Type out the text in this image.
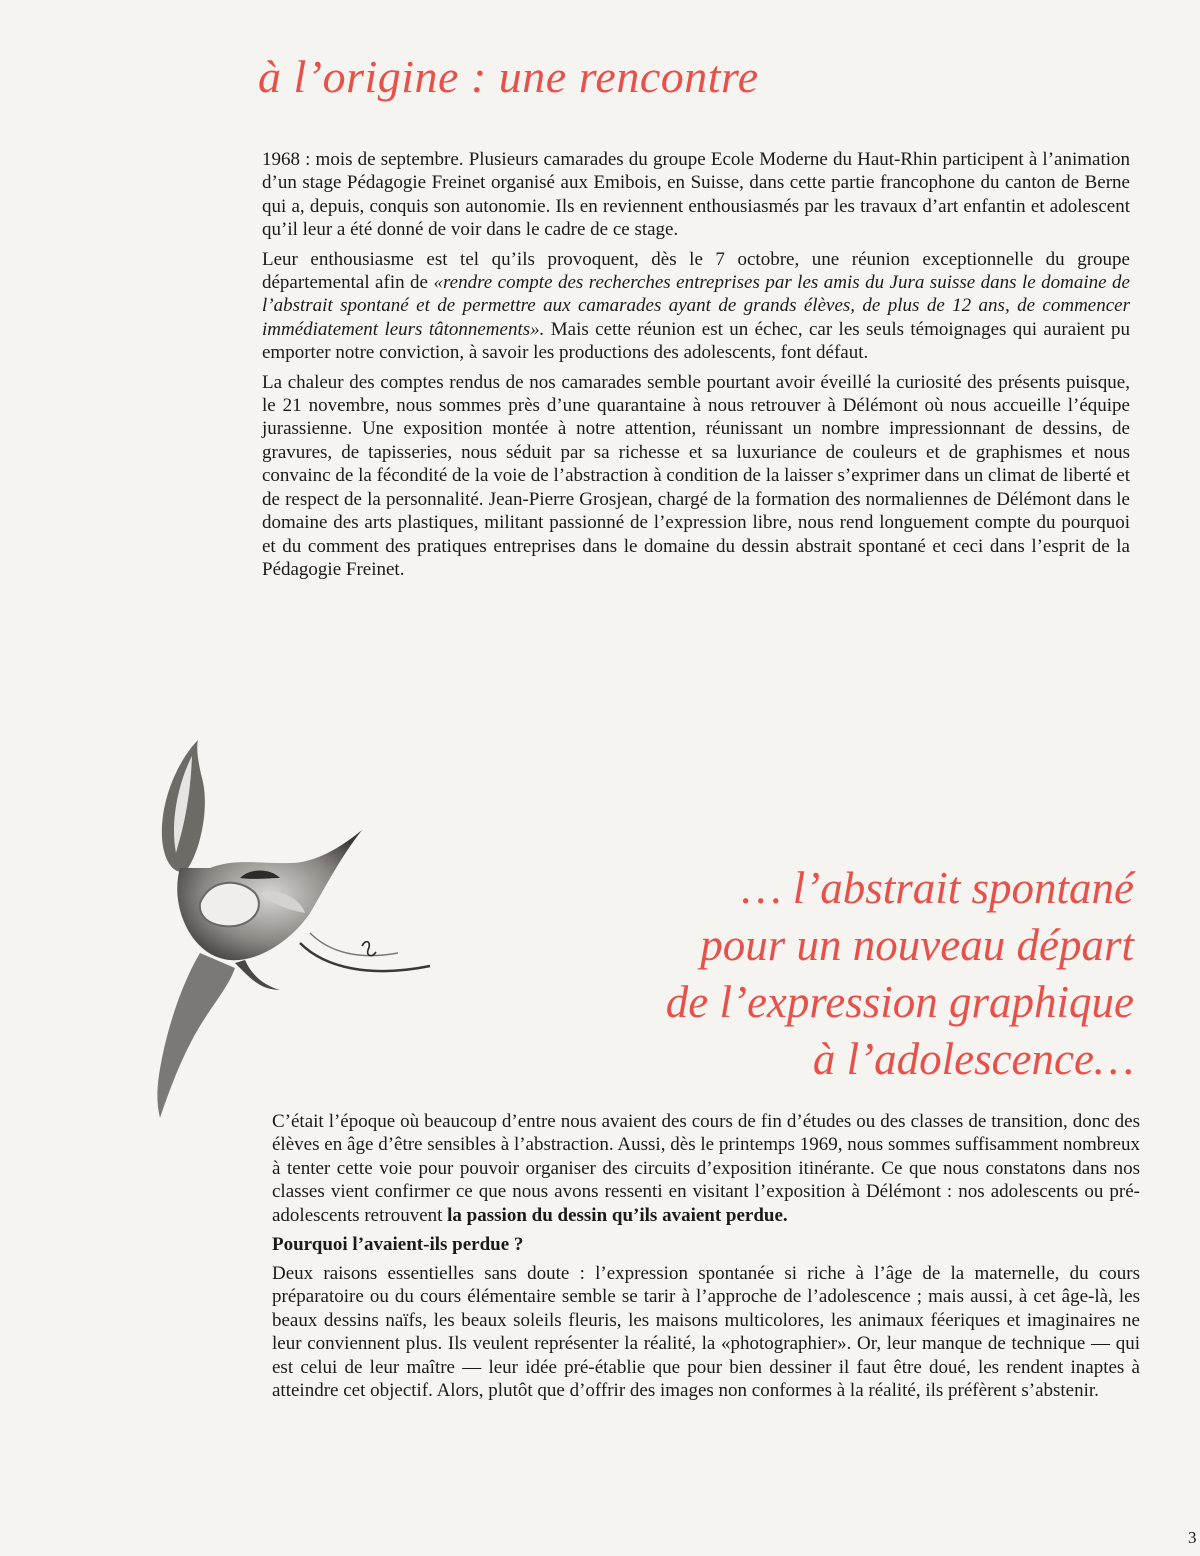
à l’origine : une rencontre

1968 : mois de septembre. Plusieurs camarades du groupe Ecole Moderne du Haut-Rhin participent à l’animation d’un stage Pédagogie Freinet organisé aux Emibois, en Suisse, dans cette partie francophone du canton de Berne qui a, depuis, conquis son autonomie. Ils en reviennent enthousiasmés par les travaux d’art enfantin et adolescent qu’il leur a été donné de voir dans le cadre de ce stage.

Leur enthousiasme est tel qu’ils provoquent, dès le 7 octobre, une réunion exceptionnelle du groupe départemental afin de «rendre compte des recherches entreprises par les amis du Jura suisse dans le domaine de l’abstrait spontané et de permettre aux camarades ayant de grands élèves, de plus de 12 ans, de commencer immédiatement leurs tâtonnements». Mais cette réunion est un échec, car les seuls témoignages qui auraient pu emporter notre conviction, à savoir les productions des adolescents, font défaut.

La chaleur des comptes rendus de nos camarades semble pourtant avoir éveillé la curiosité des présents puisque, le 21 novembre, nous sommes près d’une quarantaine à nous retrouver à Délémont où nous accueille l’équipe jurassienne. Une exposition montée à notre attention, réunissant un nombre impressionnant de dessins, de gravures, de tapisseries, nous séduit par sa richesse et sa luxuriance de couleurs et de graphismes et nous convainc de la fécondité de la voie de l’abstraction à condition de la laisser s’exprimer dans un climat de liberté et de respect de la personnalité. Jean-Pierre Grosjean, chargé de la formation des normaliennes de Délémont dans le domaine des arts plastiques, militant passionné de l’expression libre, nous rend longuement compte du pourquoi et du comment des pratiques entreprises dans le domaine du dessin abstrait spontané et ceci dans l’esprit de la Pédagogie Freinet.

… l’abstrait spontané
pour un nouveau départ
de l’expression graphique
à l’adolescence…

C’était l’époque où beaucoup d’entre nous avaient des cours de fin d’études ou des classes de transition, donc des élèves en âge d’être sensibles à l’abstraction. Aussi, dès le printemps 1969, nous sommes suffisamment nombreux à tenter cette voie pour pouvoir organiser des circuits d’exposition itinérante. Ce que nous constatons dans nos classes vient confirmer ce que nous avons ressenti en visitant l’exposition à Délémont : nos adolescents ou pré-adolescents retrouvent la passion du dessin qu’ils avaient perdue.

Pourquoi l’avaient-ils perdue ?

Deux raisons essentielles sans doute : l’expression spontanée si riche à l’âge de la maternelle, du cours préparatoire ou du cours élémentaire semble se tarir à l’approche de l’adolescence ; mais aussi, à cet âge-là, les beaux dessins naïfs, les beaux soleils fleuris, les maisons multicolores, les animaux féeriques et imaginaires ne leur conviennent plus. Ils veulent représenter la réalité, la «photographier». Or, leur manque de technique — qui est celui de leur maître — leur idée pré-établie que pour bien dessiner il faut être doué, les rendent inaptes à atteindre cet objectif. Alors, plutôt que d’offrir des images non conformes à la réalité, ils préfèrent s’abstenir.

3
